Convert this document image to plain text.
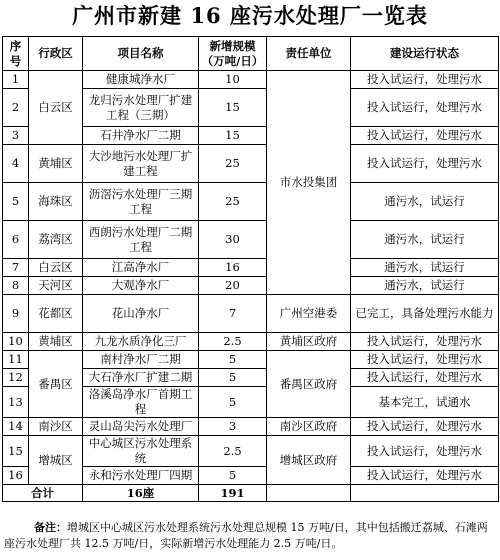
广州市新建 16 座污水处理厂一览表
序号	行政区	项目名称	新增规模（万吨/日）	责任单位	建设运行状态
1	白云区	健康城净水厂	10	市水投集团	投入试运行，处理污水
2		龙归污水处理厂扩建工程（三期）	15		投入试运行，处理污水
3		石井净水厂二期	15		投入试运行，处理污水
4	黄埔区	大沙地污水处理厂扩建工程	25		投入试运行，处理污水
5	海珠区	沥滘污水处理厂三期工程	25		通污水，试运行
6	荔湾区	西朗污水处理厂二期工程	30		通污水，试运行
7	白云区	江高净水厂	16		通污水，试运行
8	天河区	大观净水厂	20		通污水，试运行
9	花都区	花山净水厂	7	广州空港委	已完工，具备处理污水能力
10	黄埔区	九龙水质净化三厂	2.5	黄埔区政府	投入试运行，处理污水
11	番禺区	南村净水厂二期	5	番禺区政府	投入试运行，处理污水
12		大石净水厂扩建二期	5		投入试运行，处理污水
13		洛溪岛净水厂首期工程	5		基本完工，试通水
14	南沙区	灵山岛尖污水处理厂	3	南沙区政府	投入试运行，处理污水
15	增城区	中心城区污水处理系统	2.5	增城区政府	投入试运行，处理污水
16		永和污水处理厂四期	5		投入试运行，处理污水
合计		16座	191		
备注：增城区中心城区污水处理系统污水处理总规模 15 万吨/日，其中包括搬迁荔城、石滩两座污水处理厂共 12.5 万吨/日，实际新增污水处理能力 2.5 万吨/日。
